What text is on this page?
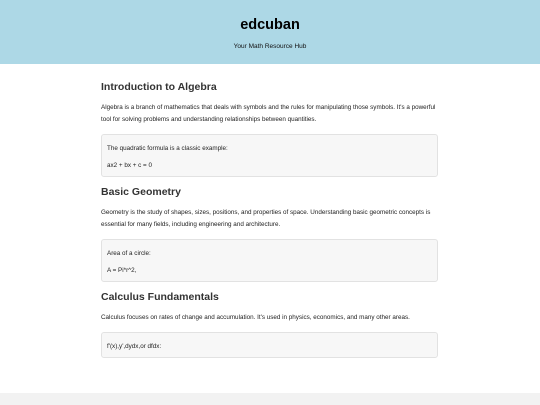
edcuban
Your Math Resource Hub
Introduction to Algebra

Algebra is a branch of mathematics that deals with symbols and the rules for manipulating those symbols. It's a powerful tool for solving problems and understanding relationships between quantities.

The quadratic formula is a classic example:

ax2 + bx + c = 0

Basic Geometry

Geometry is the study of shapes, sizes, positions, and properties of space. Understanding basic geometric concepts is essential for many fields, including engineering and architecture.

Area of a circle:

A = Pi*r^2,

Calculus Fundamentals

Calculus focuses on rates of change and accumulation. It's used in physics, economics, and many other areas.

f'(x),y',dydx,or dfdx:
